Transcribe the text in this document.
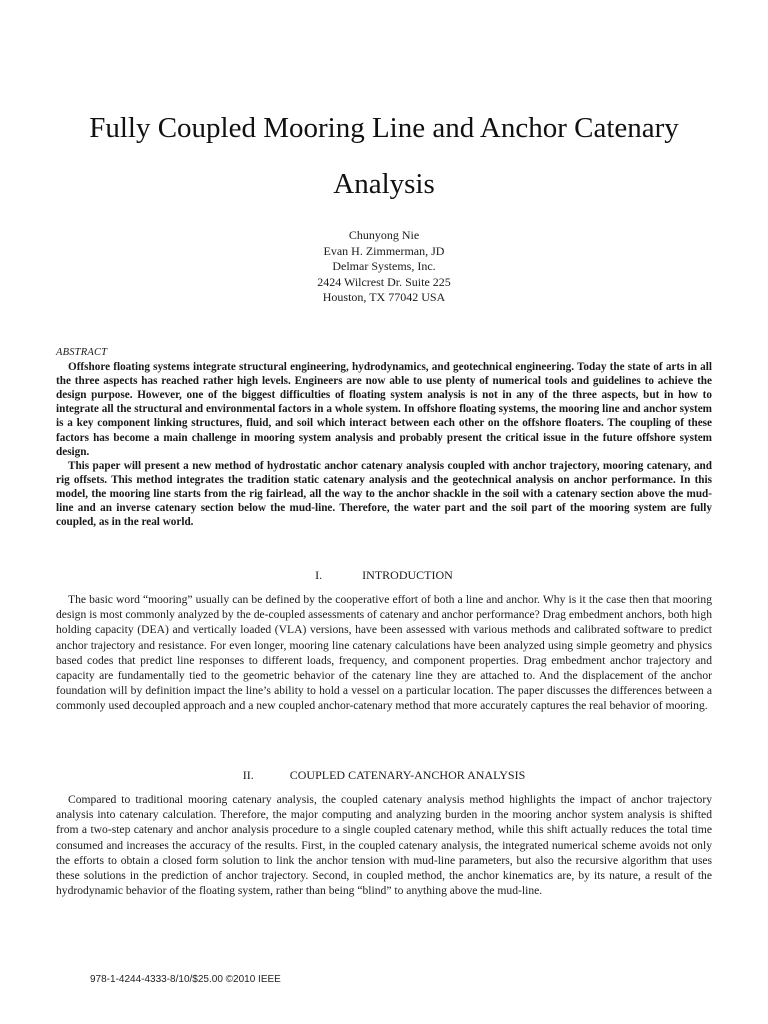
Fully Coupled Mooring Line and Anchor Catenary Analysis
Chunyong Nie
Evan H. Zimmerman, JD
Delmar Systems, Inc.
2424 Wilcrest Dr. Suite 225
Houston, TX 77042 USA
ABSTRACT

Offshore floating systems integrate structural engineering, hydrodynamics, and geotechnical engineering. Today the state of arts in all the three aspects has reached rather high levels. Engineers are now able to use plenty of numerical tools and guidelines to achieve the design purpose. However, one of the biggest difficulties of floating system analysis is not in any of the three aspects, but in how to integrate all the structural and environmental factors in a whole system. In offshore floating systems, the mooring line and anchor system is a key component linking structures, fluid, and soil which interact between each other on the offshore floaters. The coupling of these factors has become a main challenge in mooring system analysis and probably present the critical issue in the future offshore system design.

This paper will present a new method of hydrostatic anchor catenary analysis coupled with anchor trajectory, mooring catenary, and rig offsets. This method integrates the tradition static catenary analysis and the geotechnical analysis on anchor performance. In this model, the mooring line starts from the rig fairlead, all the way to the anchor shackle in the soil with a catenary section above the mud-line and an inverse catenary section below the mud-line. Therefore, the water part and the soil part of the mooring system are fully coupled, as in the real world.

I.	INTRODUCTION

The basic word “mooring” usually can be defined by the cooperative effort of both a line and anchor. Why is it the case then that mooring design is most commonly analyzed by the de-coupled assessments of catenary and anchor performance? Drag embedment anchors, both high holding capacity (DEA) and vertically loaded (VLA) versions, have been assessed with various methods and calibrated software to predict anchor trajectory and resistance. For even longer, mooring line catenary calculations have been analyzed using simple geometry and physics based codes that predict line responses to different loads, frequency, and component properties. Drag embedment anchor trajectory and capacity are fundamentally tied to the geometric behavior of the catenary line they are attached to. And the displacement of the anchor foundation will by definition impact the line’s ability to hold a vessel on a particular location. The paper discusses the differences between a commonly used decoupled approach and a new coupled anchor-catenary method that more accurately captures the real behavior of mooring.

II.	COUPLED CATENARY-ANCHOR ANALYSIS

Compared to traditional mooring catenary analysis, the coupled catenary analysis method highlights the impact of anchor trajectory analysis into catenary calculation. Therefore, the major computing and analyzing burden in the mooring anchor system analysis is shifted from a two-step catenary and anchor analysis procedure to a single coupled catenary method, while this shift actually reduces the total time consumed and increases the accuracy of the results. First, in the coupled catenary analysis, the integrated numerical scheme avoids not only the efforts to obtain a closed form solution to link the anchor tension with mud-line parameters, but also the recursive algorithm that uses these solutions in the prediction of anchor trajectory. Second, in coupled method, the anchor kinematics are, by its nature, a result of the hydrodynamic behavior of the floating system, rather than being “blind” to anything above the mud-line.

978-1-4244-4333-8/10/$25.00 ©2010 IEEE
